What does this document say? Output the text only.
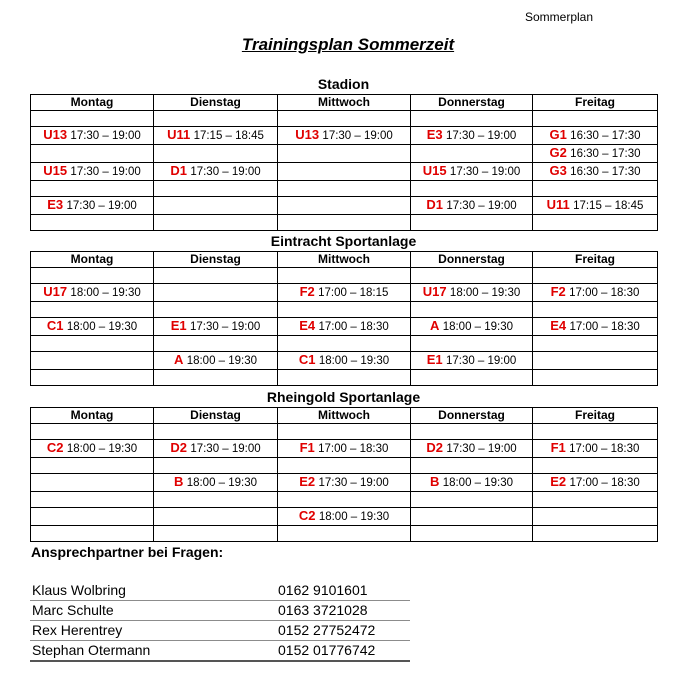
Sommerplan
Trainingsplan Sommerzeit
Stadion
Montag	Dienstag	Mittwoch	Donnerstag	Freitag

U13 17:30 – 19:00	U11 17:15 – 18:45	U13 17:30 – 19:00	E3 17:30 – 19:00	G1 16:30 – 17:30
				G2 16:30 – 17:30
U15 17:30 – 19:00	D1 17:30 – 19:00		U15 17:30 – 19:00	G3 16:30 – 17:30

E3 17:30 – 19:00			D1 17:30 – 19:00	U11 17:15 – 18:45

Eintracht Sportanlage
Montag	Dienstag	Mittwoch	Donnerstag	Freitag

U17 18:00 – 19:30		F2 17:00 – 18:15	U17 18:00 – 19:30	F2 17:00 – 18:30

C1 18:00 – 19:30	E1 17:30 – 19:00	E4 17:00 – 18:30	A 18:00 – 19:30	E4 17:00 – 18:30

	A 18:00 – 19:30	C1 18:00 – 19:30	E1 17:30 – 19:00	

Rheingold Sportanlage
Montag	Dienstag	Mittwoch	Donnerstag	Freitag

C2 18:00 – 19:30	D2 17:30 – 19:00	F1 17:00 – 18:30	D2 17:30 – 19:00	F1 17:00 – 18:30

	B 18:00 – 19:30	E2 17:30 – 19:00	B 18:00 – 19:30	E2 17:00 – 18:30

		C2 18:00 – 19:30		

Ansprechpartner bei Fragen:
Klaus Wolbring	0162 9101601
Marc Schulte	0163 3721028
Rex Herentrey	0152 27752472
Stephan Otermann	0152 01776742
